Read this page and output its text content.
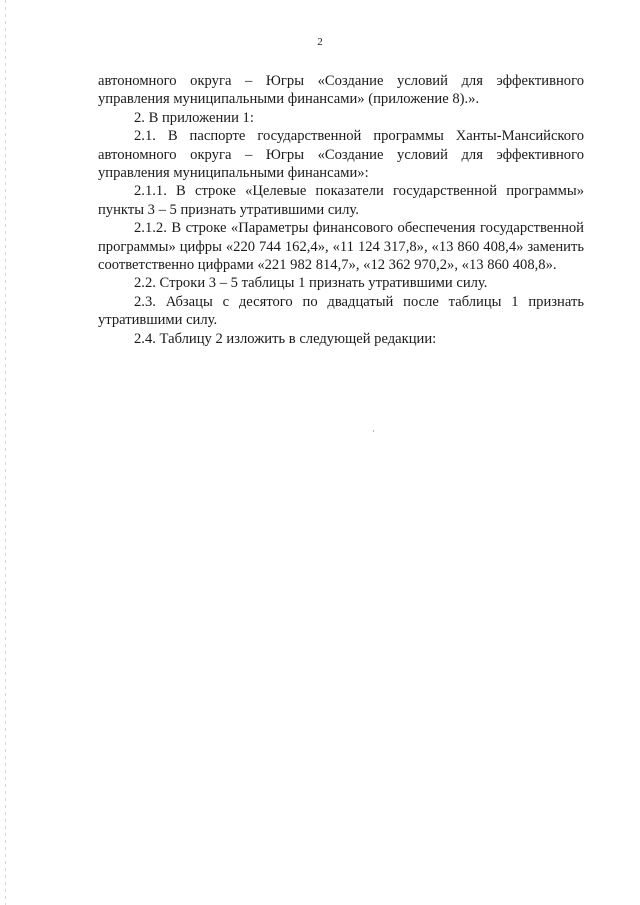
2

автономного округа – Югры «Создание условий для эффективного управления муниципальными финансами» (приложение 8).».

2. В приложении 1:

2.1. В паспорте государственной программы Ханты-Мансийского автономного округа – Югры «Создание условий для эффективного управления муниципальными финансами»:

2.1.1. В строке «Целевые показатели государственной программы» пункты 3 – 5 признать утратившими силу.

2.1.2. В строке «Параметры финансового обеспечения государственной программы» цифры «220 744 162,4», «11 124 317,8», «13 860 408,4» заменить соответственно цифрами «221 982 814,7», «12 362 970,2», «13 860 408,8».

2.2. Строки 3 – 5 таблицы 1 признать утратившими силу.

2.3. Абзацы с десятого по двадцатый после таблицы 1 признать утратившими силу.

2.4. Таблицу 2 изложить в следующей редакции:
